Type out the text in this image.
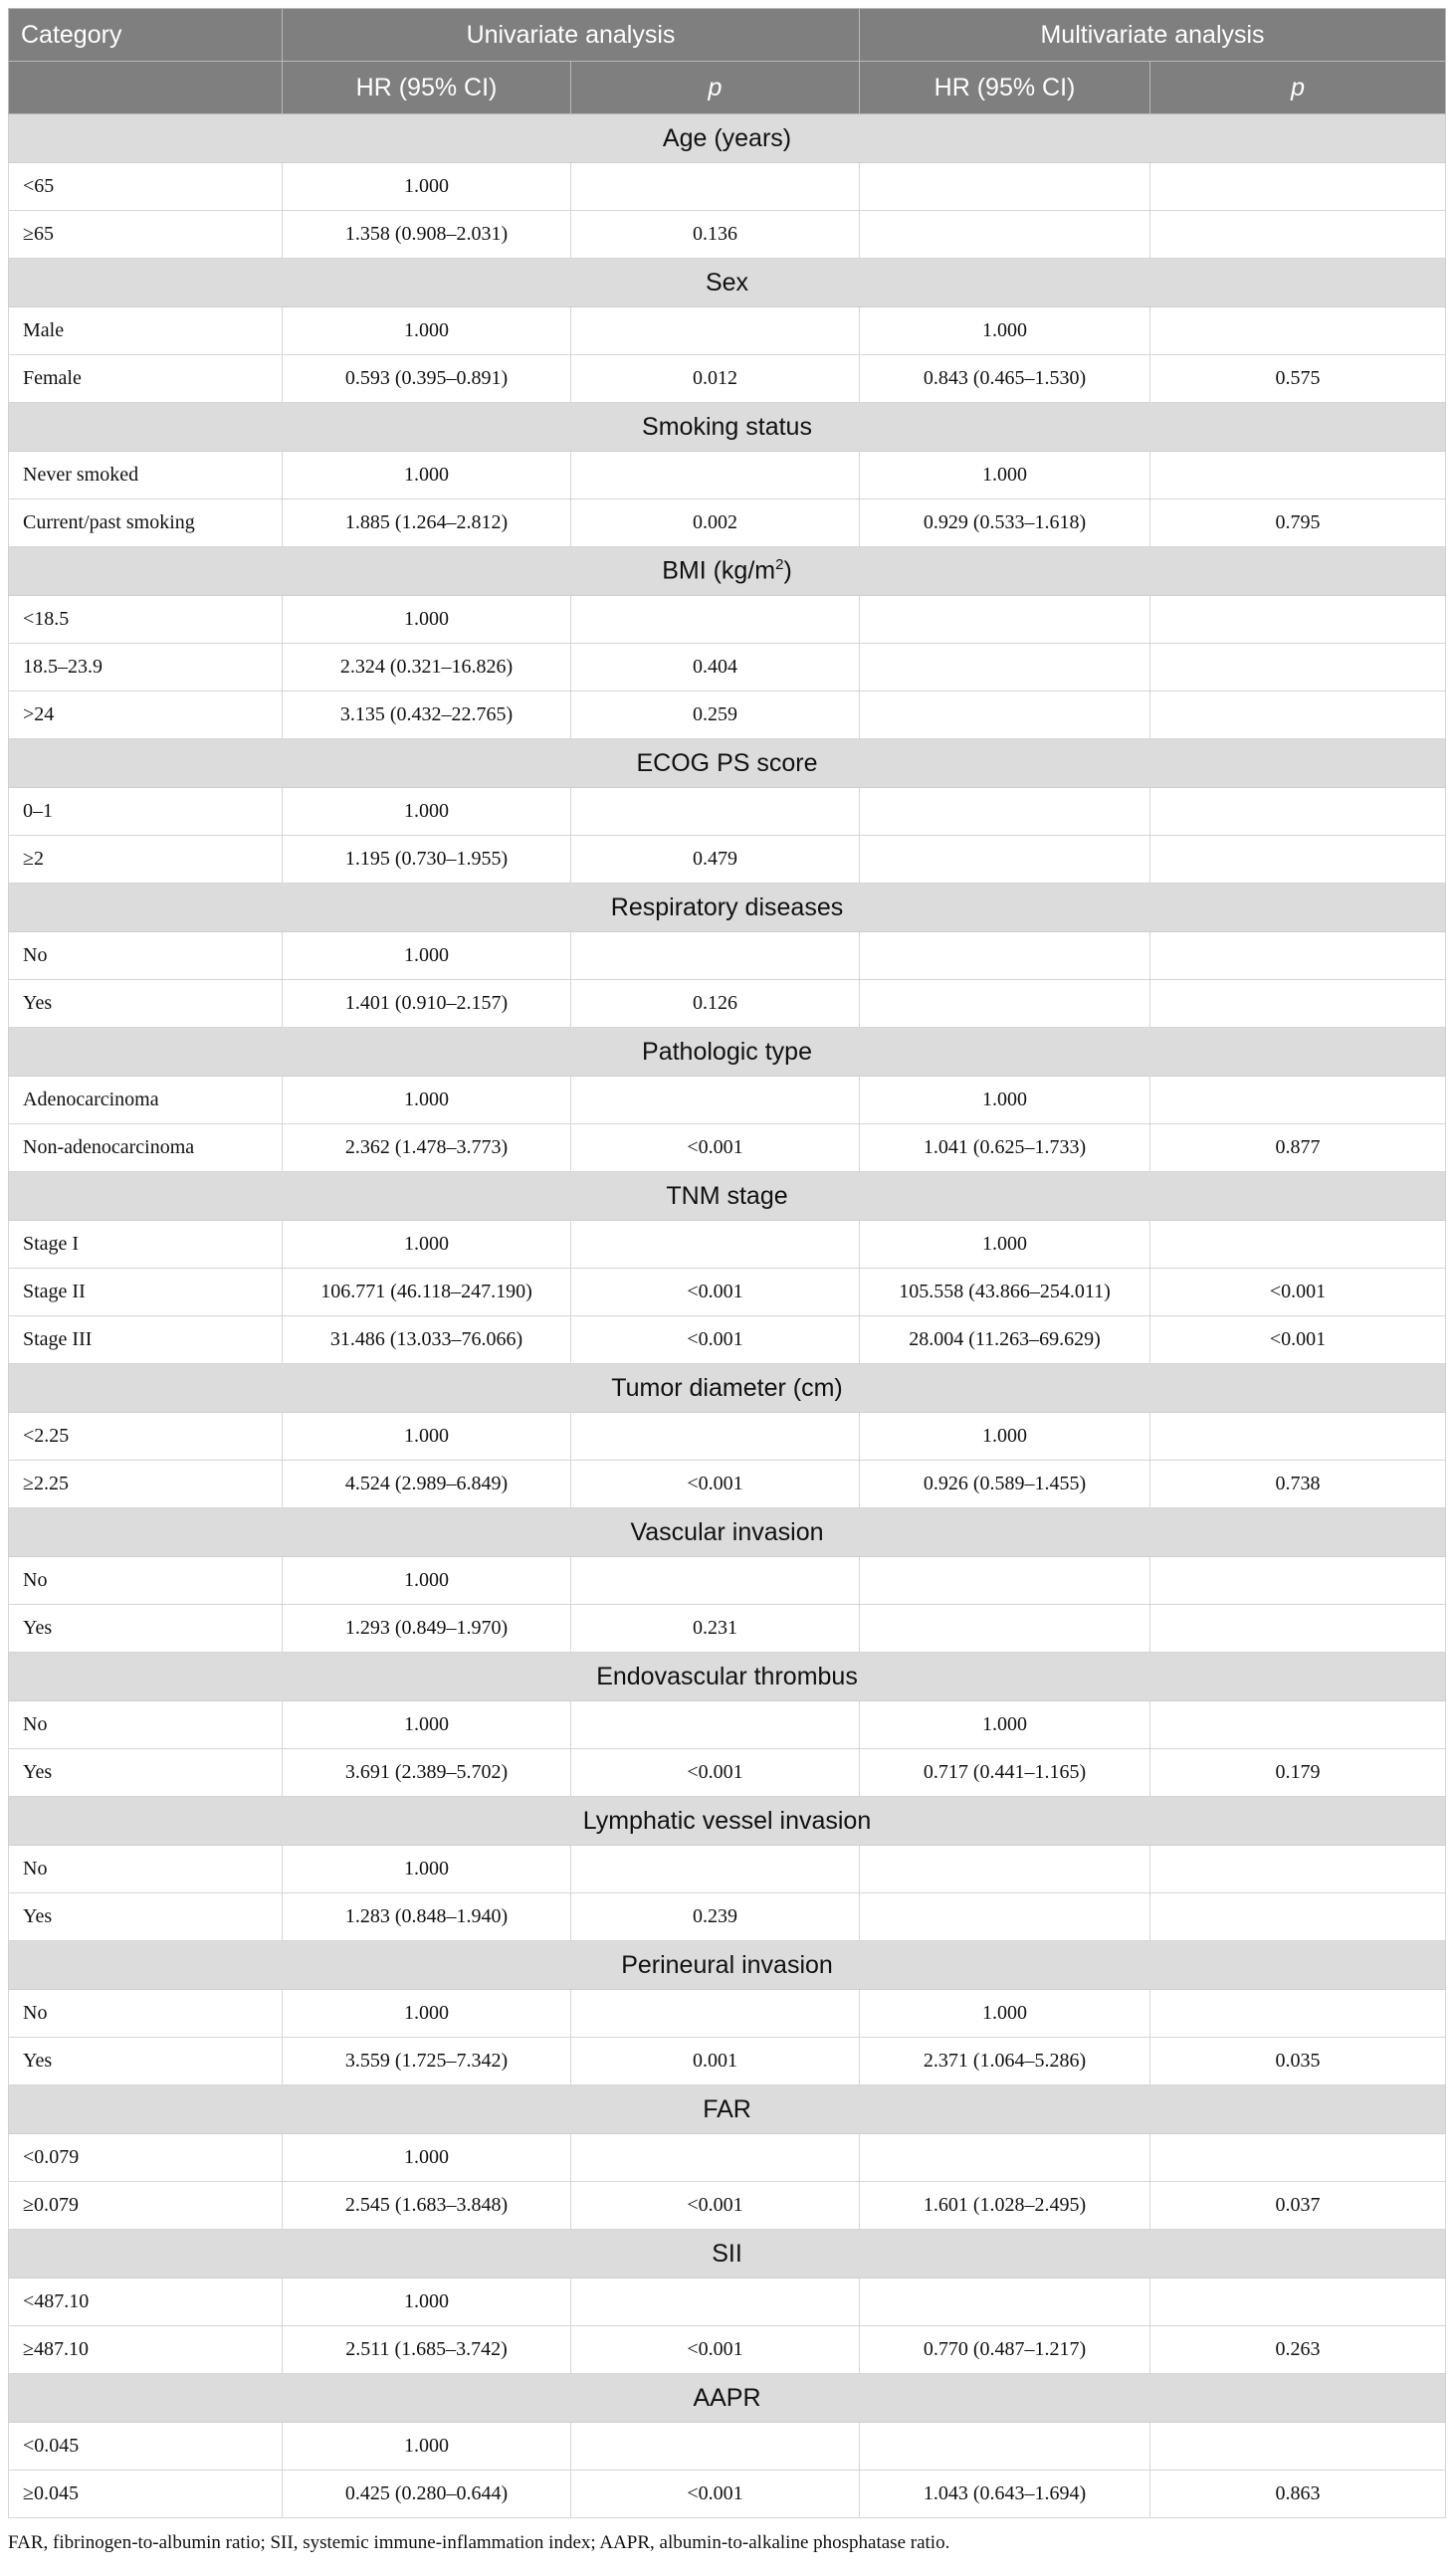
Category	Univariate analysis		Multivariate analysis	
	HR (95% CI)	p	HR (95% CI)	p
Age (years)				
<65	1.000			
≥65	1.358 (0.908–2.031)	0.136		
Sex				
Male	1.000		1.000	
Female	0.593 (0.395–0.891)	0.012	0.843 (0.465–1.530)	0.575
Smoking status				
Never smoked	1.000		1.000	
Current/past smoking	1.885 (1.264–2.812)	0.002	0.929 (0.533–1.618)	0.795
BMI $(kg/m^2)$				
<18.5	1.000			
18.5–23.9	2.324 (0.321–16.826)	0.404		
>24	3.135 (0.432–22.765)	0.259		
ECOG PS score				
0–1	1.000			
≥2	1.195 (0.730–1.955)	0.479		
Respiratory diseases				
No	1.000			
Yes	1.401 (0.910–2.157)	0.126		
Pathologic type				
Adenocarcinoma	1.000		1.000	
Non-adenocarcinoma	2.362 (1.478–3.773)	<0.001	1.041 (0.625–1.733)	0.877
TNM stage				
Stage I	1.000		1.000	
Stage II	106.771 (46.118–247.190)	<0.001	105.558 (43.866–254.011)	<0.001
Stage III	31.486 (13.033–76.066)	<0.001	28.004 (11.263–69.629)	<0.001
Tumor diameter (cm)				
<2.25	1.000		1.000	
≥2.25	4.524 (2.989–6.849)	<0.001	0.926 (0.589–1.455)	0.738
Vascular invasion				
No	1.000			
Yes	1.293 (0.849–1.970)	0.231		
Endovascular thrombus				
No	1.000		1.000	
Yes	3.691 (2.389–5.702)	<0.001	0.717 (0.441–1.165)	0.179
Lymphatic vessel invasion				
No	1.000			
Yes	1.283 (0.848–1.940)	0.239		
Perineural invasion				
No	1.000		1.000	
Yes	3.559 (1.725–7.342)	0.001	2.371 (1.064–5.286)	0.035
FAR				
<0.079	1.000			
≥0.079	2.545 (1.683–3.848)	<0.001	1.601 (1.028–2.495)	0.037
SII				
<487.10	1.000			
≥487.10	2.511 (1.685–3.742)	<0.001	0.770 (0.487–1.217)	0.263
AAPR				
<0.045	1.000			
≥0.045	0.425 (0.280–0.644)	<0.001	1.043 (0.643–1.694)	0.863
FAR, fibrinogen-to-albumin ratio; SII, systemic immune-inflammation index; AAPR, albumin-to-alkaline phosphatase ratio.
